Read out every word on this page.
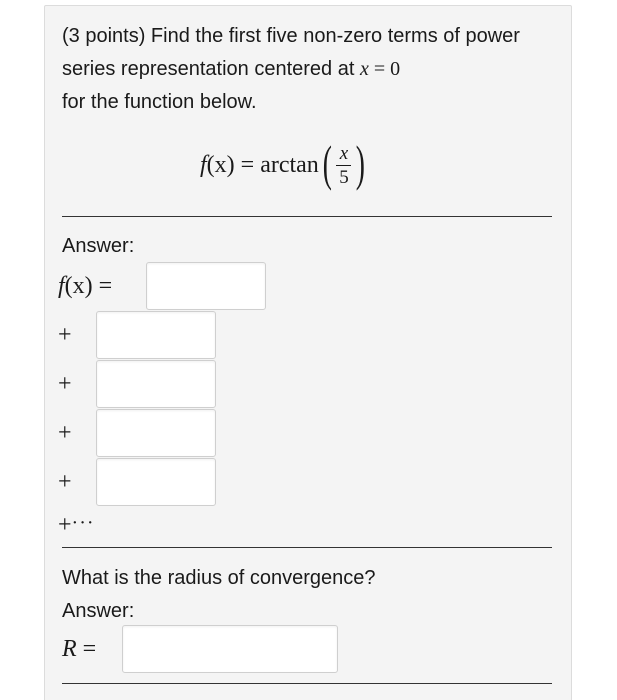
(3 points) Find the first five non-zero terms of power series representation centered at x = 0
for the function below.
f (x) = arctan ( $\frac{x}{5}$ )
Answer:
f(x) =
+
+
+
+
+···
What is the radius of convergence?
Answer:
R =
